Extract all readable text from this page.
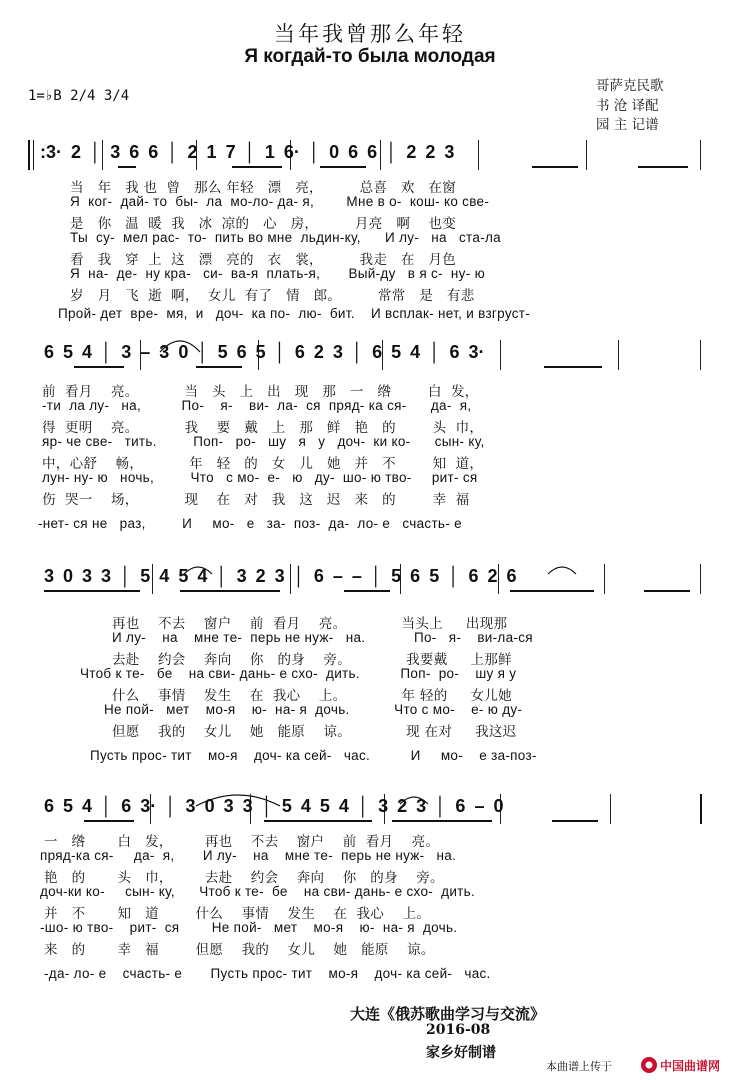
当年我曾那么年轻
Я когдай-то была молодая
1=♭B 2/4 3/4
哥萨克民歌
书 沧 译配
园 主 记谱
:3· 2 │ 3 6 6 │ 2 1 7 │ 1 6· │ 0 6 6 │ 2 2 3
当   年   我 也  曾   那么 年轻   漂   亮，        总喜   欢   在窗
Я  ког-  дай- то  бы-  ла  мо-ло- да- я,        Мне в о-  кош- ко све-
是   你   温  暖  我   冰  凉的   心   房，        月亮   啊    也变
Ты  су-  мел рас-  то-  пить во мне  льдин-ку,      И лу-   на   ста-ла
看   我   穿  上  这   漂   亮的   衣   裳，        我走   在   月色
Я  на-  де-  ну кра-   си-  ва-я  плать-я,       Вый-ду   в я с-  ну- ю
岁   月   飞  逝  啊，  女儿  有了   情   郎。        常常   是   有悲
Прой- дет  вре-  мя,  и   доч-  ка по-  лю-  бит.    И всплак- нет, и взгруст-
6 5 4 │ 3 – 3 0 │ 5 6 5 │ 6 2 3 │ 6 5 4 │ 6 3·
前  看月    亮。          当   头   上   出   现   那   一   绺        白  发，
-ти  ла лу-   на,          По-    я-    ви-  ла-  ся  пряд- ка ся-      да-  я,
得  更明    亮。          我    要   戴   上   那   鲜   艳   的        头  巾，
яр- че све-   тить.         Поп-   ро-   шу   я   у   доч-  ки ко-      сын- ку,
中，心舒    畅，          年   轻   的   女   儿   她   并   不        知  道，
лун- ну- ю   ночь,         Что   с мо-  е-   ю   ду-  шо- ю тво-     рит- ся
伤  哭一    场，          现    在   对   我   这   迟   来   的        幸  福
-нет- ся не   раз,         И     мо-   е   за-  поз-  да-  ло- е   счасть- е
3 0 3 3 │ 5 4 5 4 │ 3 2 3 │ 6 – – │ 5 6 5 │ 6 2 6
再也    不去    窗户    前  看月    亮。            当头上     出现那
И лу-    на    мне те-  перь не нуж-   на.            По-   я-    ви-ла-ся
去赴    约会    奔向    你   的身    旁。            我要戴     上那鲜
Чтоб к те-   бе    на сви- дань- е схо-  дить.          Поп-  ро-    шу я у
什么    事情    发生    在  我心    上。            年 轻的     女儿她
Не пой-   мет    мо-я    ю-  на- я  дочь.           Что с мо-    е- ю ду-
但愿    我的    女儿    她   能原    谅。            现 在对     我这迟
Пусть прос- тит    мо-я    доч- ка сей-   час.          И     мо-    е за-поз-
6 5 4 │ 6 3· │ 3 0 3 3 │ 5 4 5 4 │ 3 2 3 │ 6 – 0
一   绺       白   发，       再也    不去    窗户    前  看月    亮。
пряд-ка ся-     да-  я,       И лу-    на    мне те-  перь не нуж-   на.
艳   的       头   巾，       去赴    约会    奔向    你   的身    旁。
доч-ки ко-     сын- ку,      Чтоб к те-  бе    на сви- дань- е схо-  дить.
并   不       知   道        什么    事情    发生    在  我心    上。
-шо- ю тво-    рит-  ся        Не пой-   мет    мо-я    ю-  на- я  дочь.
来   的       幸   福        但愿    我的    女儿    她   能原    谅。
-да- ло- е    счасть- е       Пусть прос- тит    мо-я    доч- ка сей-   час.
大连《俄苏歌曲学习与交流》
2016-08
家乡好制谱
本曲谱上传于	中国曲谱网
